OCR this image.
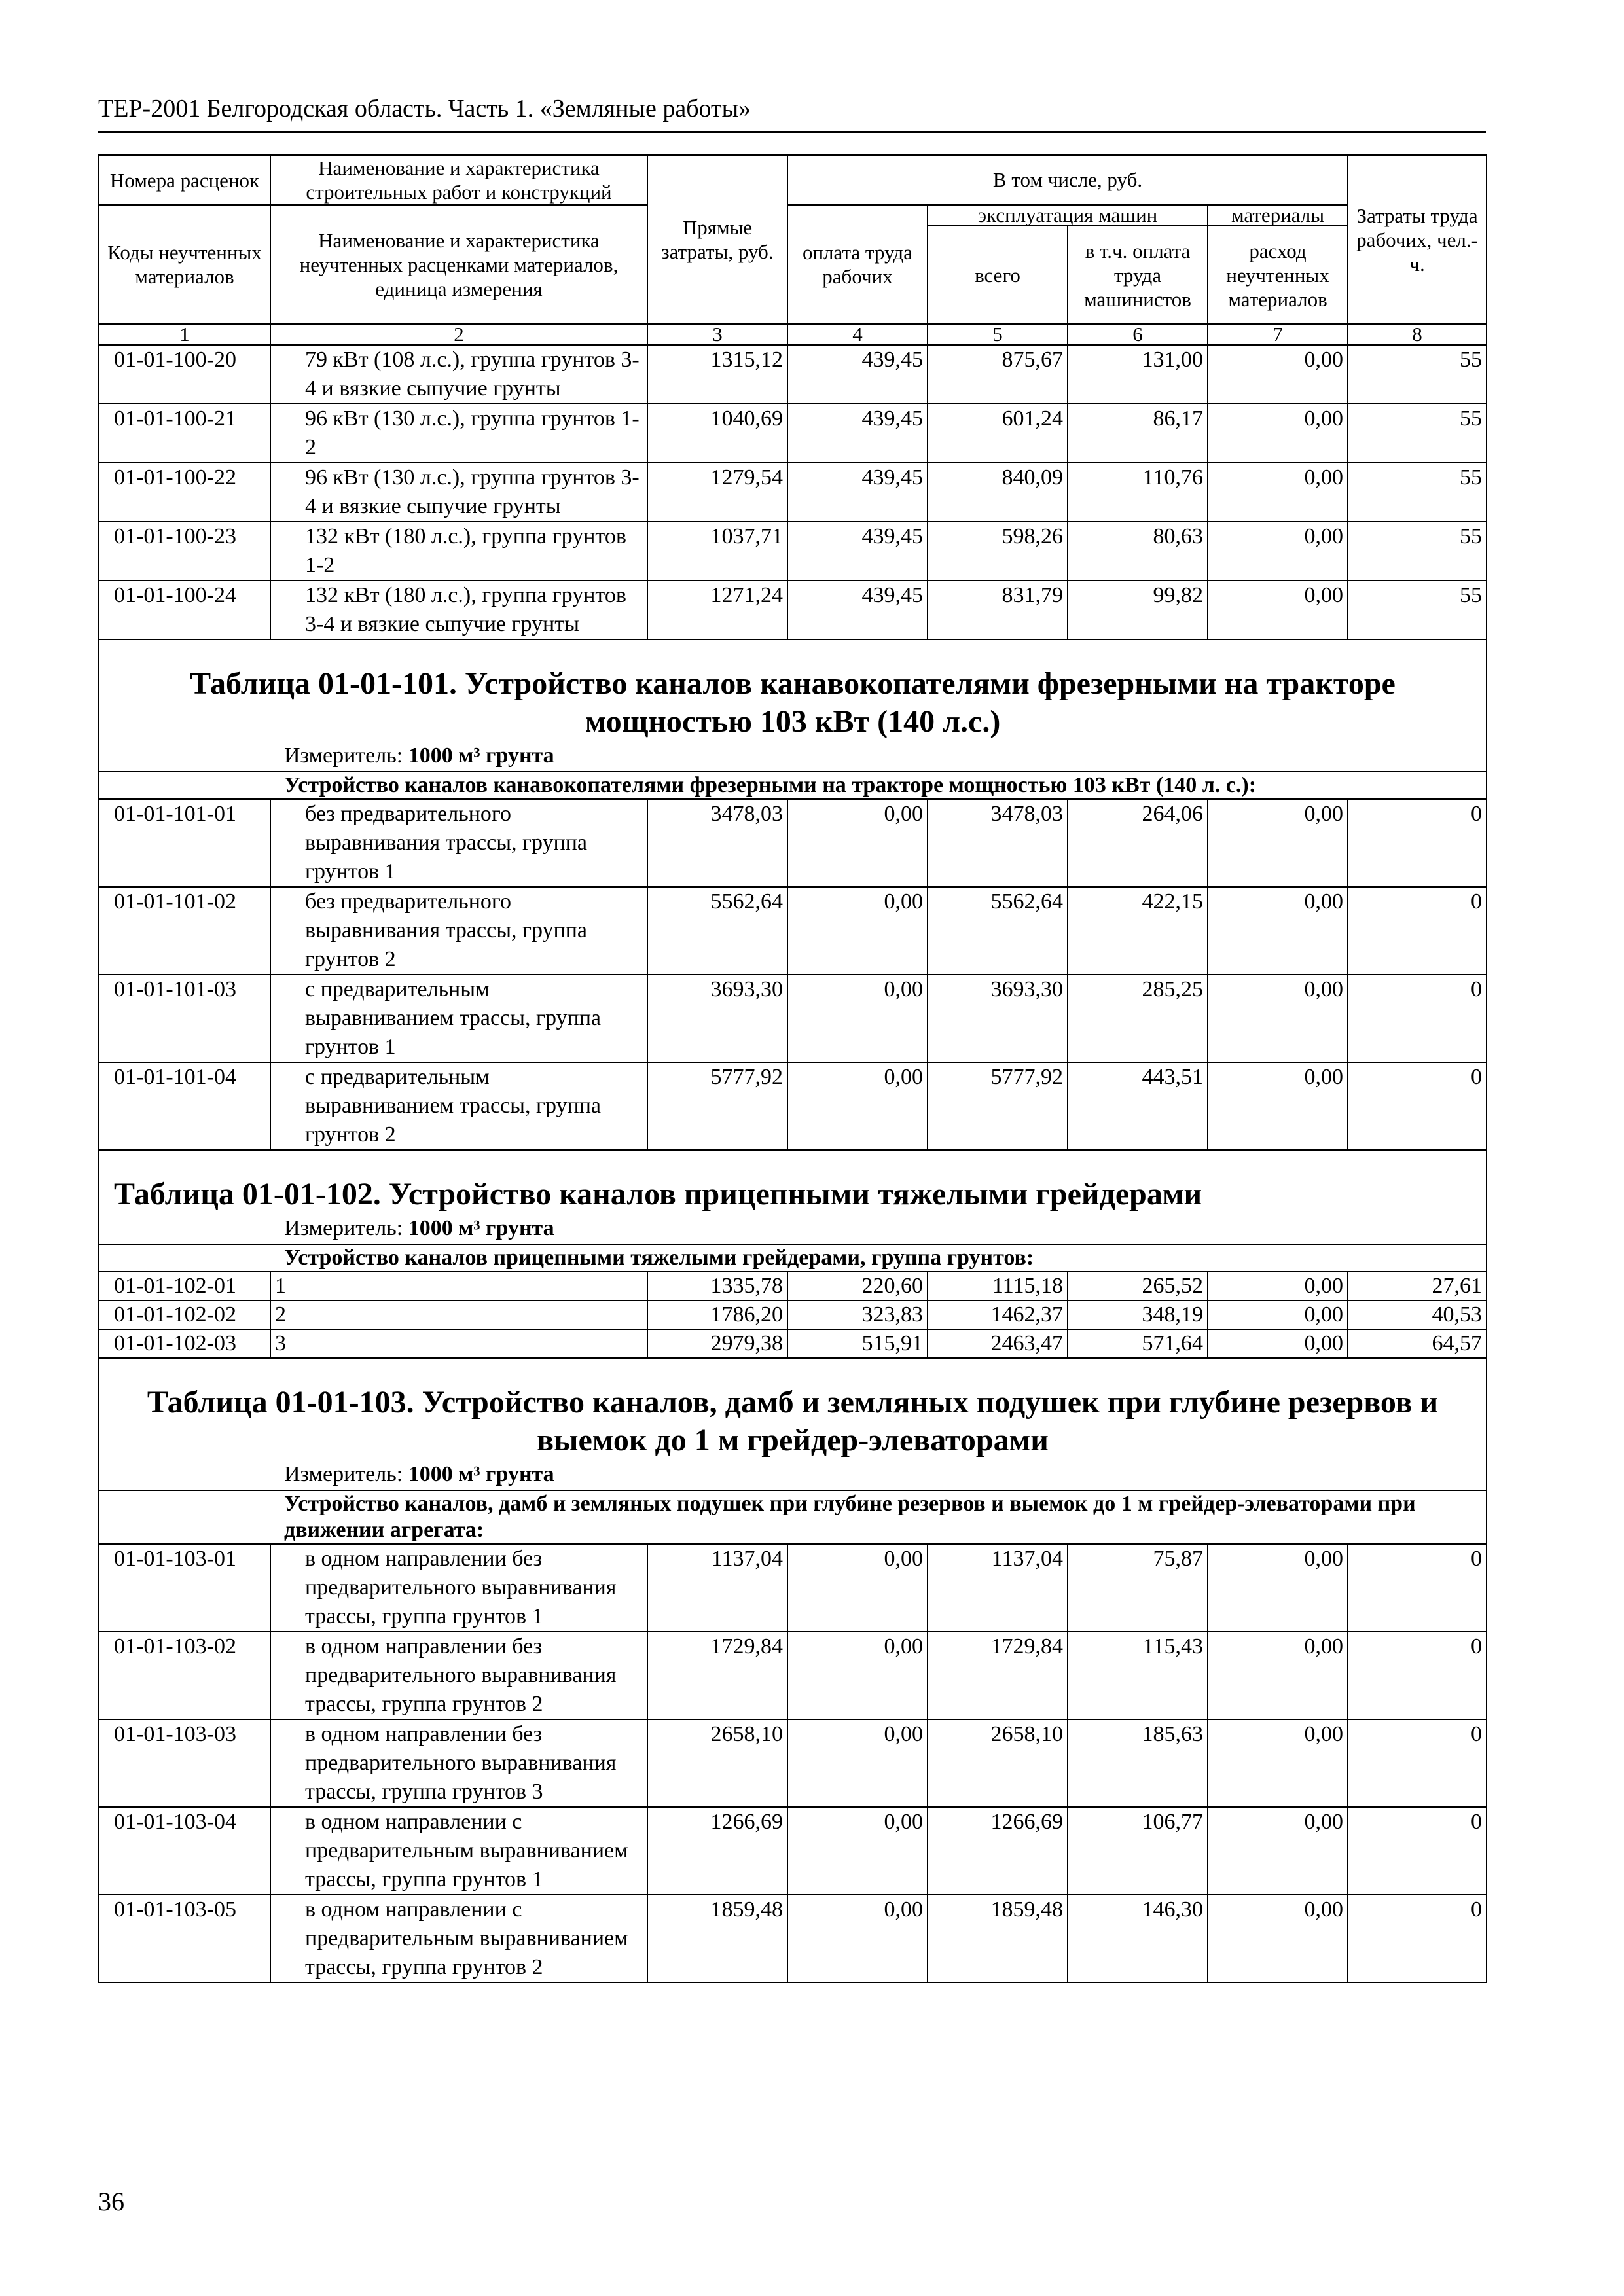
ТЕР-2001 Белгородская область. Часть 1. «Земляные работы»
Номера расценок	Наименование и характеристика строительных работ и конструкций	Прямые затраты, руб.	В том числе, руб.				Затраты труда рабочих, чел.-ч.
Коды неучтенных материалов	Наименование и характеристика неучтенных расценками материалов, единица измерения		оплата труда рабочих	эксплуатация машин		материалы	
				всего	в т.ч. оплата труда машинистов	расход неучтенных материалов	
1	2	3	4	5	6	7	8
01-01-100-20	79 кВт (108 л.с.), группа грунтов 3-4 и вязкие сыпучие грунты	1315,12	439,45	875,67	131,00	0,00	55
01-01-100-21	96 кВт (130 л.с.), группа грунтов 1-2	1040,69	439,45	601,24	86,17	0,00	55
01-01-100-22	96 кВт (130 л.с.), группа грунтов 3-4 и вязкие сыпучие грунты	1279,54	439,45	840,09	110,76	0,00	55
01-01-100-23	132 кВт (180 л.с.), группа грунтов 1-2	1037,71	439,45	598,26	80,63	0,00	55
01-01-100-24	132 кВт (180 л.с.), группа грунтов 3-4 и вязкие сыпучие грунты	1271,24	439,45	831,79	99,82	0,00	55

Таблица 01-01-101. Устройство каналов канавокопателями фрезерными на тракторе мощностью 103 кВт (140 л.с.)
Измеритель: 1000 м³ грунта							

Устройство каналов канавокопателями фрезерными на тракторе мощностью 103 кВт (140 л. с.):							
01-01-101-01	без предварительного выравнивания трассы, группа грунтов 1	3478,03	0,00	3478,03	264,06	0,00	0
01-01-101-02	без предварительного выравнивания трассы, группа грунтов 2	5562,64	0,00	5562,64	422,15	0,00	0
01-01-101-03	с предварительным выравниванием трассы, группа грунтов 1	3693,30	0,00	3693,30	285,25	0,00	0
01-01-101-04	с предварительным выравниванием трассы, группа грунтов 2	5777,92	0,00	5777,92	443,51	0,00	0

Таблица 01-01-102. Устройство каналов прицепными тяжелыми грейдерами
Измеритель: 1000 м³ грунта							

Устройство каналов прицепными тяжелыми грейдерами, группа грунтов:							
01-01-102-01	1	1335,78	220,60	1115,18	265,52	0,00	27,61
01-01-102-02	2	1786,20	323,83	1462,37	348,19	0,00	40,53
01-01-102-03	3	2979,38	515,91	2463,47	571,64	0,00	64,57

Таблица 01-01-103. Устройство каналов, дамб и земляных подушек при глубине резервов и выемок до 1 м грейдер-элеваторами
Измеритель: 1000 м³ грунта							

Устройство каналов, дамб и земляных подушек при глубине резервов и выемок до 1 м грейдер-элеваторами при движении агрегата:							
01-01-103-01	в одном направлении без предварительного выравнивания трассы, группа грунтов 1	1137,04	0,00	1137,04	75,87	0,00	0
01-01-103-02	в одном направлении без предварительного выравнивания трассы, группа грунтов 2	1729,84	0,00	1729,84	115,43	0,00	0
01-01-103-03	в одном направлении без предварительного выравнивания трассы, группа грунтов 3	2658,10	0,00	2658,10	185,63	0,00	0
01-01-103-04	в одном направлении с предварительным выравниванием трассы, группа грунтов 1	1266,69	0,00	1266,69	106,77	0,00	0
01-01-103-05	в одном направлении с предварительным выравниванием трассы, группа грунтов 2	1859,48	0,00	1859,48	146,30	0,00	0
36
